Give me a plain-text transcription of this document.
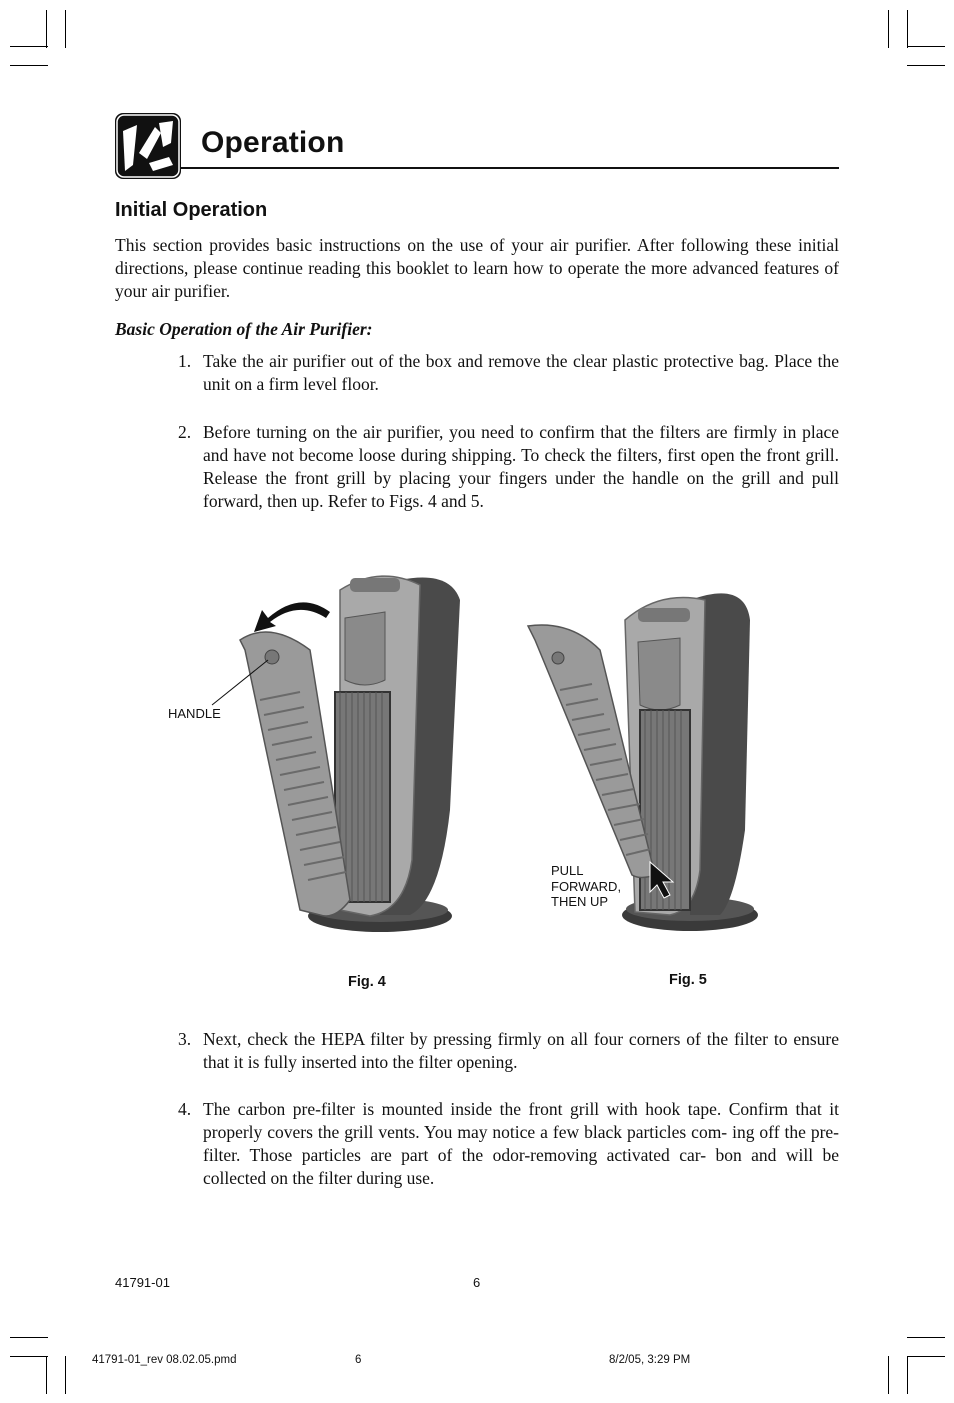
Operation
Initial Operation
This section provides basic instructions on the use of your air purifier. After following these initial directions, please continue reading this booklet to learn how to operate the more advanced features of your air purifier.
Basic Operation of the Air Purifier:
1. Take the air purifier out of the box and remove the clear plastic protective bag. Place the unit on a firm level floor.
2. Before turning on the air purifier, you need to confirm that the filters are firmly in place and have not become loose during shipping. To check the filters, first open the front grill. Release the front grill by placing your fingers under the handle on the grill and pull forward, then up. Refer to Figs. 4 and 5.
HANDLE
Fig. 4
PULL
FORWARD,
THEN UP
Fig. 5
3. Next, check the HEPA filter by pressing firmly on all four corners of the filter to ensure that it is fully inserted into the filter opening.
4. The carbon pre-filter is mounted inside the front grill with hook tape. Confirm that it properly covers the grill vents. You may notice a few black particles com- ing off the pre-filter. Those particles are part of the odor-removing activated car- bon and will be collected on the filter during use.
41791-01	6
41791-01_rev 08.02.05.pmd	6	8/2/05, 3:29 PM
